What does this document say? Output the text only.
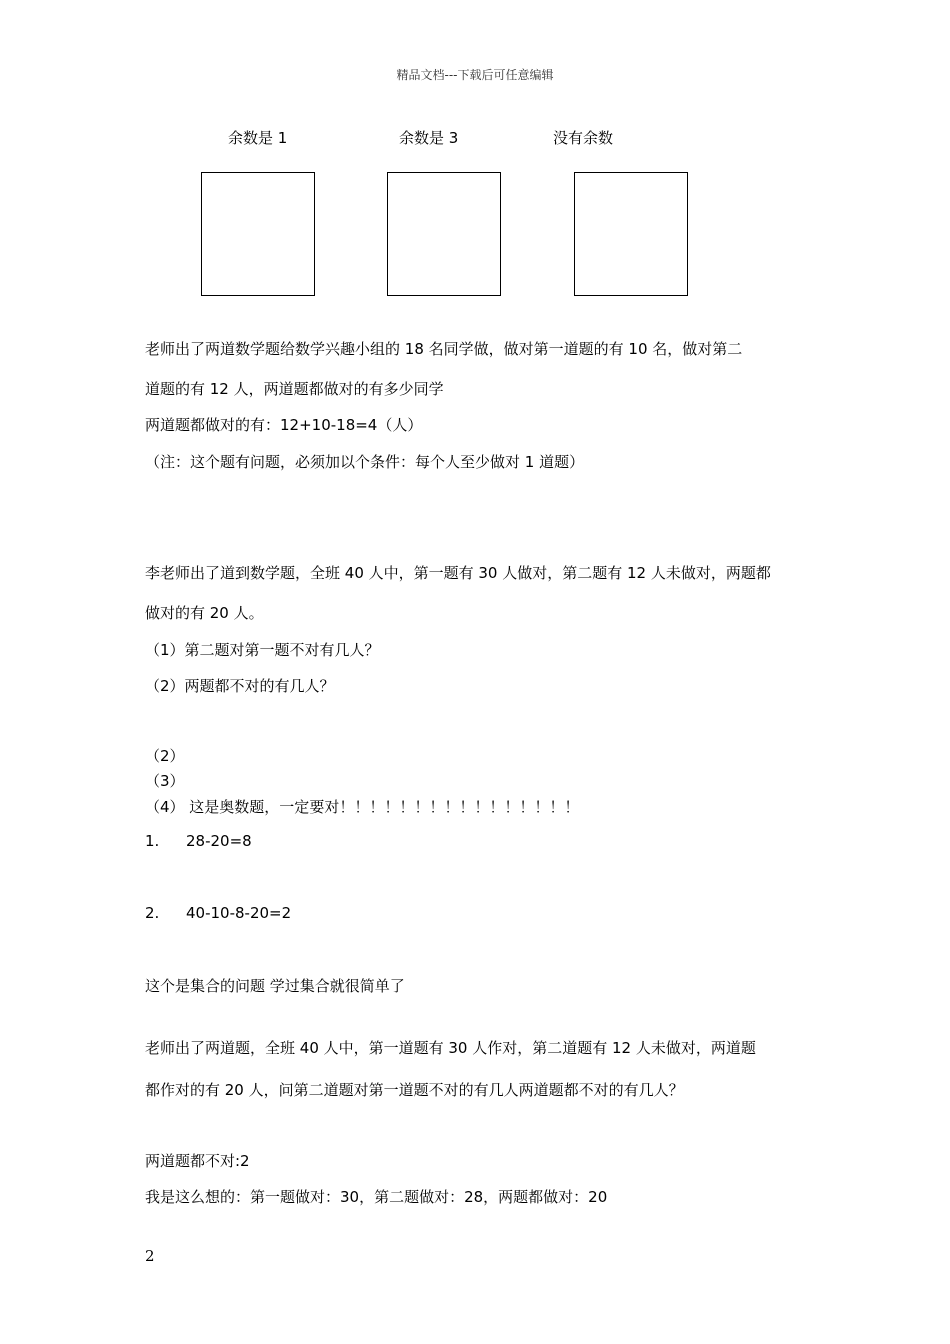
精品文档---下载后可任意编辑
余数是 1	余数是 3	没有余数
老师出了两道数学题给数学兴趣小组的 18 名同学做，做对第一道题的有 10 名，做对第二
道题的有 12 人，两道题都做对的有多少同学
两道题都做对的有：12+10-18=4（人）
（注：这个题有问题，必须加以个条件：每个人至少做对 1 道题）
李老师出了道到数学题，全班 40 人中，第一题有 30 人做对，第二题有 12 人未做对，两题都
做对的有 20 人。
（1）第二题对第一题不对有几人？
（2）两题都不对的有几人？
（2）
（3）
（4） 这是奥数题，一定要对！！！！！！！！！！！！！！！！
1. 28-20=8
2. 40-10-8-20=2
这个是集合的问题 学过集合就很简单了
老师出了两道题，全班 40 人中，第一道题有 30 人作对，第二道题有 12 人未做对，两道题
都作对的有 20 人，问第二道题对第一道题不对的有几人两道题都不对的有几人？
两道题都不对:2
我是这么想的：第一题做对：30，第二题做对：28，两题都做对：20
2
